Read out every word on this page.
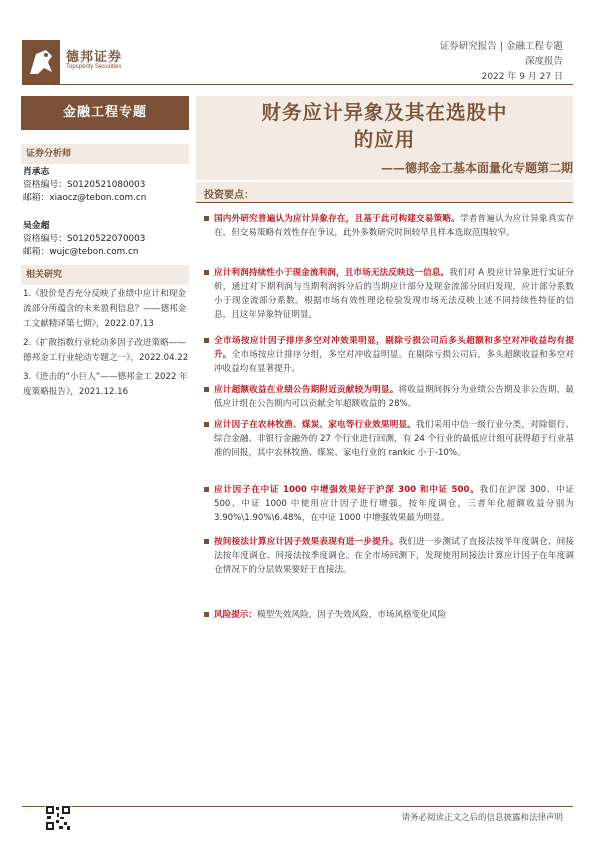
德邦证券
Topsperity Securities
证券研究报告 | 金融工程专题
深度报告
2022 年 9 月 27 日
金融工程专题
证券分析师
肖承志
资格编号：S0120521080003
邮箱：xiaocz@tebon.com.cn
吴金超
资格编号：S0120522070003
邮箱：wujc@tebon.com.cn
相关研究
1.《股价是否充分反映了业绩中应计和现金流部分所蕴含的未来盈利信息？——德邦金工文献精译第七期》，2022.07.13
2.《扩散指数行业轮动多因子改进策略——德邦金工行业轮动专题之一》，2022.04.22
3.《进击的“小巨人”——德邦金工 2022 年度策略报告》，2021.12.16
财务应计异象及其在选股中
的应用
——德邦金工基本面量化专题第二期
投资要点：
国内外研究普遍认为应计异象存在，且基于此可构建交易策略。学者普遍认为应计异象真实存在，但交易策略有效性存在争议，此外多数研究时间较早且样本选取范围较窄。
应计利润持续性小于现金流利润，且市场无法反映这一信息。我们对 A 股应计异象进行实证分析，通过对下期利润与当期利润拆分后的当期应计部分及现金流部分回归发现，应计部分系数小于现金流部分系数。根据市场有效性理论检验发现市场无法反映上述不同持续性特征的信息，且这年异象特征明显。
全市场按应计因子排序多空对冲效果明显，剔除亏损公司后多头超额和多空对冲收益均有提升。全市场按应计排序分组，多空对冲收益明显。在剔除亏损公司后，多头超额收益和多空对冲收益均有显著提升。
应计超额收益在业绩公告期附近贡献较为明显。将收益期间拆分为业绩公告期及非公告期，最低应计组在公告期内可以贡献全年超额收益的 28%。
应计因子在农林牧渔、煤炭、家电等行业效果明显。我们采用中信一级行业分类，对除银行、综合金融、非银行金融外的 27 个行业进行回测，有 24 个行业的最低应计组可获得超于行业基准的回报，其中农林牧渔、煤炭、家电行业的 rankic 小于-10%。
应计因子在中证 1000 中增强效果好于沪深 300 和中证 500。我们在沪深 300、中证 500、中证 1000 中使用应计因子进行增强，按年度调仓，三者年化超额收益分别为 3.90%\1.90%\6.48%，在中证 1000 中增强效果最为明显。
按间接法计算应计因子效果表现有进一步提升。我们进一步测试了直接法按半年度调仓、间接法按年度调仓、间接法按季度调仓。在全市场回测下，发现使用间接法计算应计因子在年度调仓情况下的分层效果要好于直接法。
风险提示：模型失效风险，因子失效风险，市场风格变化风险
请务必阅读正文之后的信息披露和法律声明
